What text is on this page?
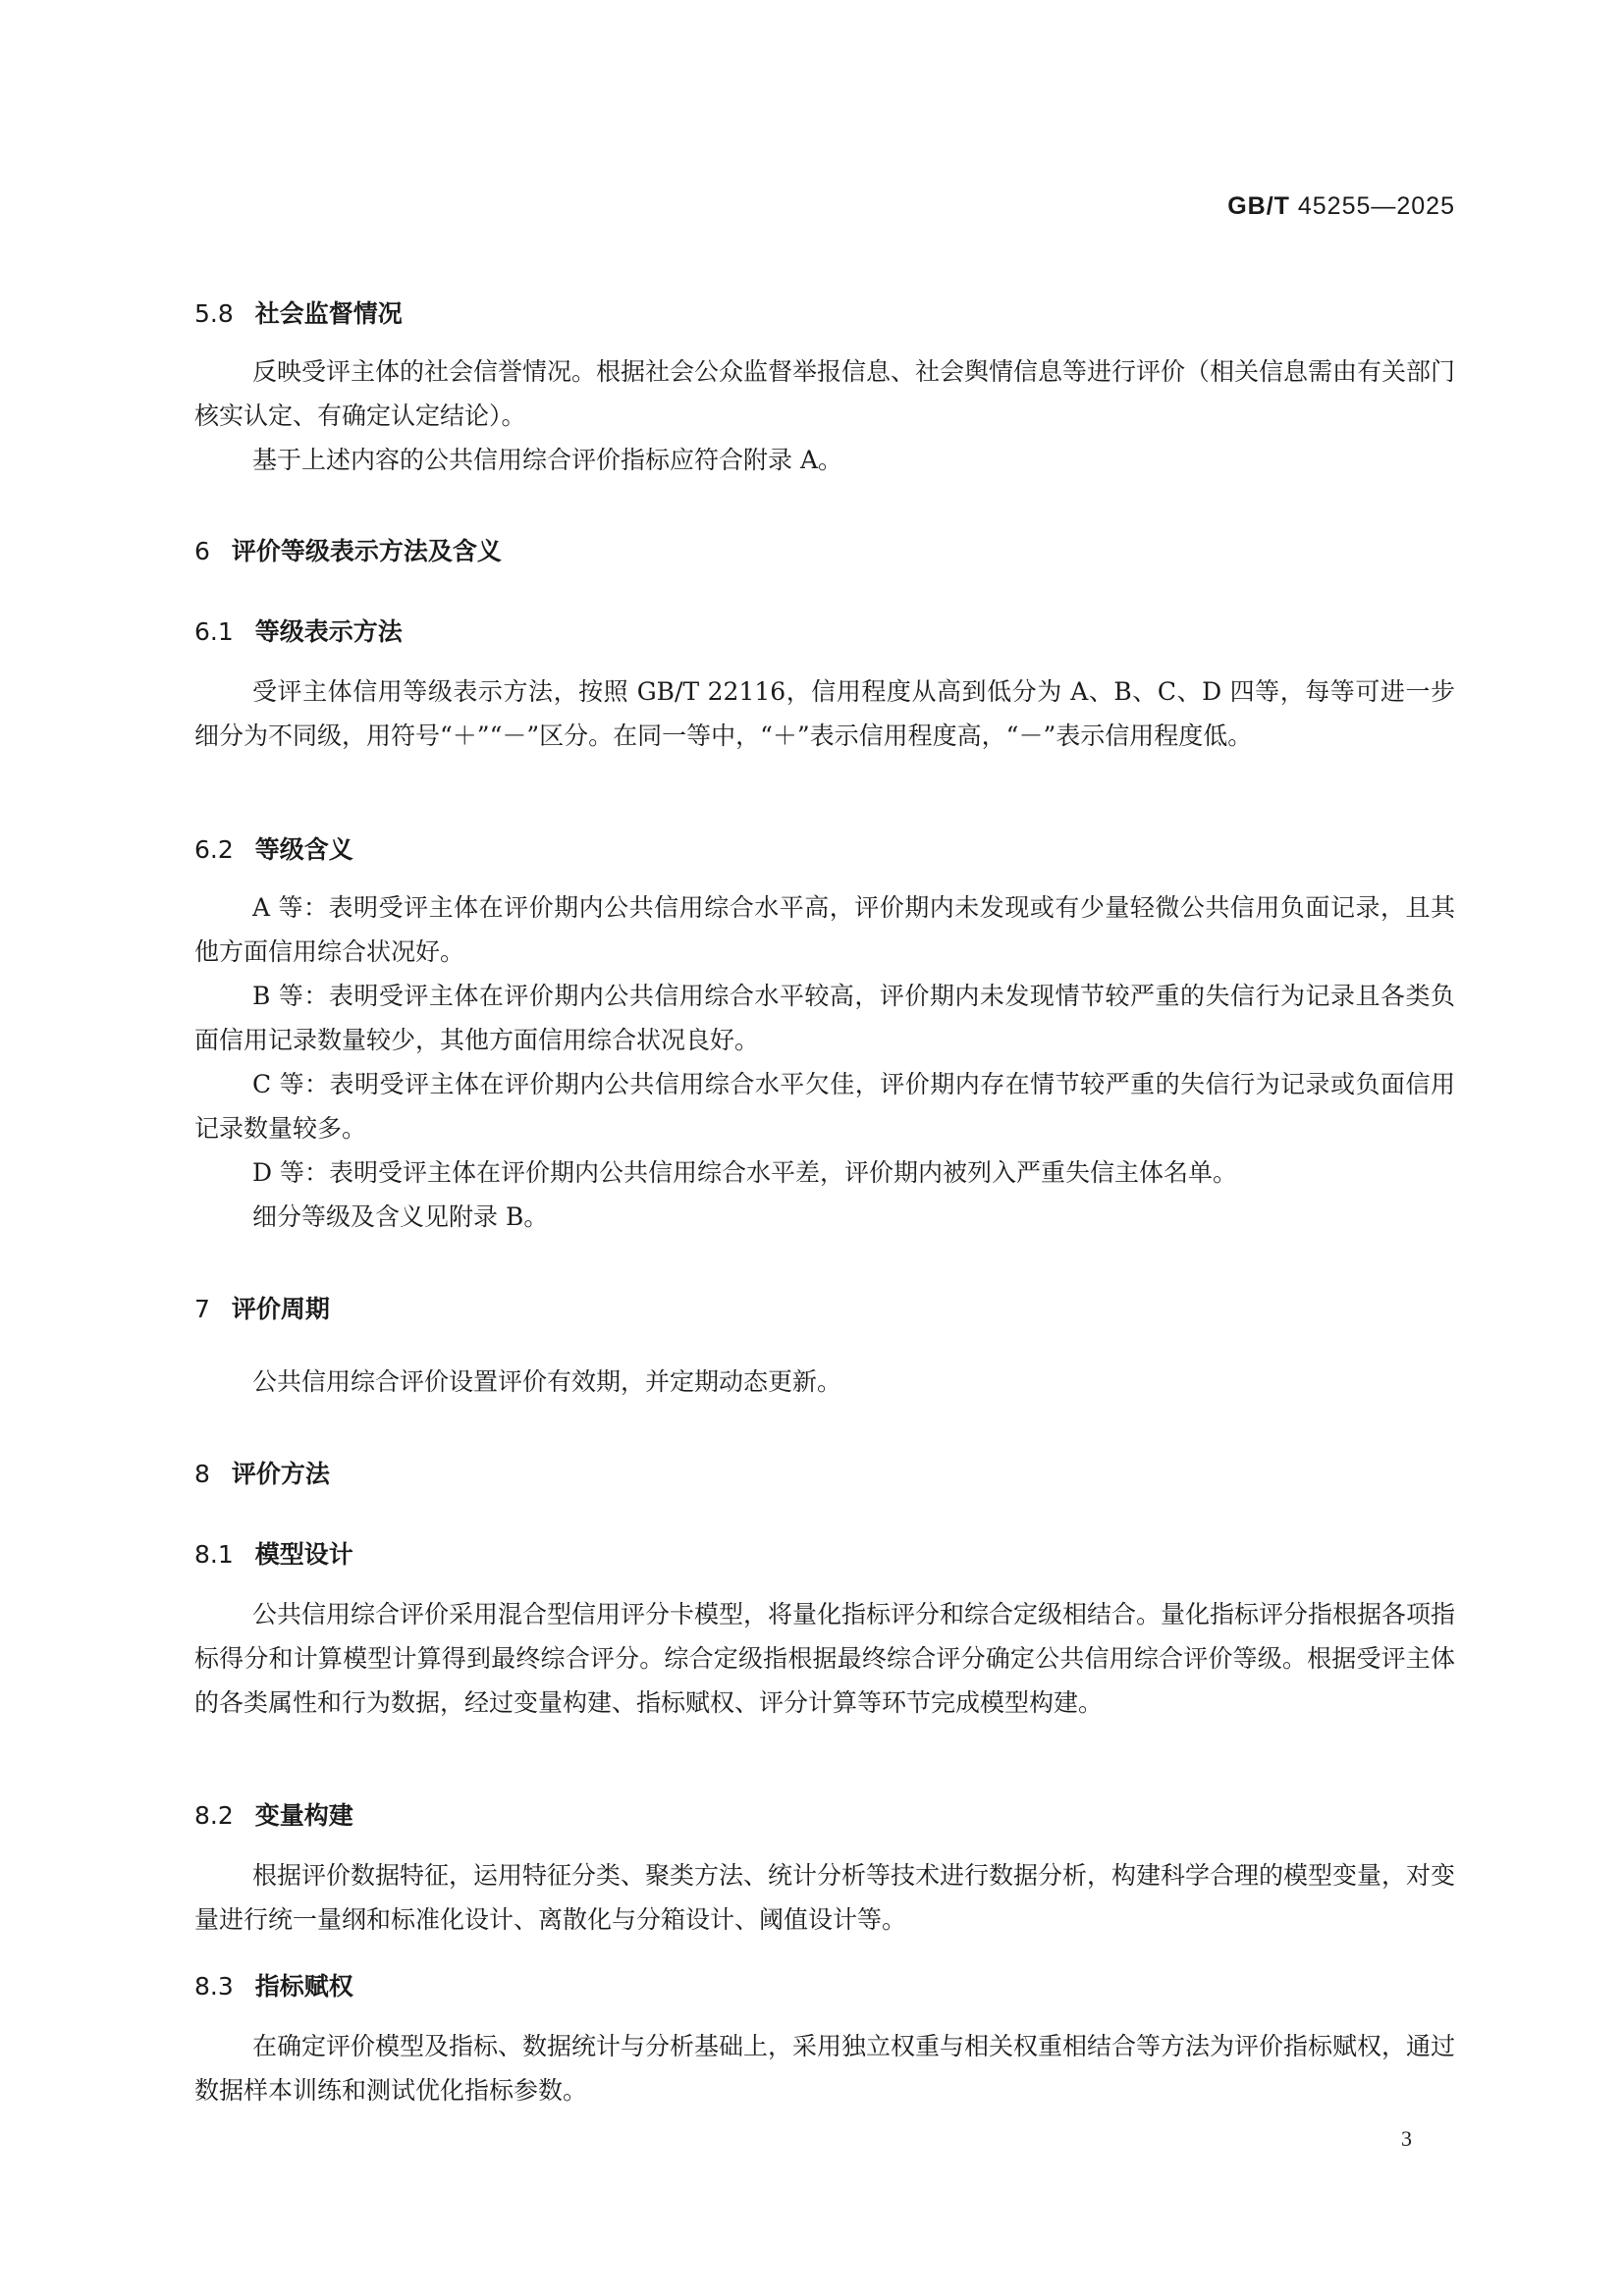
GB/T 45255—2025
5.8 社会监督情况
反映受评主体的社会信誉情况。根据社会公众监督举报信息、社会舆情信息等进行评价（相关信息需由有关部门核实认定、有确定认定结论）。
基于上述内容的公共信用综合评价指标应符合附录 A。
6 评价等级表示方法及含义
6.1 等级表示方法
受评主体信用等级表示方法，按照 GB/T 22116，信用程度从高到低分为 A、B、C、D 四等，每等可进一步细分为不同级，用符号“＋”“－”区分。在同一等中，“＋”表示信用程度高，“－”表示信用程度低。
6.2 等级含义
A 等：表明受评主体在评价期内公共信用综合水平高，评价期内未发现或有少量轻微公共信用负面记录，且其他方面信用综合状况好。
B 等：表明受评主体在评价期内公共信用综合水平较高，评价期内未发现情节较严重的失信行为记录且各类负面信用记录数量较少，其他方面信用综合状况良好。
C 等：表明受评主体在评价期内公共信用综合水平欠佳，评价期内存在情节较严重的失信行为记录或负面信用记录数量较多。
D 等：表明受评主体在评价期内公共信用综合水平差，评价期内被列入严重失信主体名单。
细分等级及含义见附录 B。
7 评价周期
公共信用综合评价设置评价有效期，并定期动态更新。
8 评价方法
8.1 模型设计
公共信用综合评价采用混合型信用评分卡模型，将量化指标评分和综合定级相结合。量化指标评分指根据各项指标得分和计算模型计算得到最终综合评分。综合定级指根据最终综合评分确定公共信用综合评价等级。根据受评主体的各类属性和行为数据，经过变量构建、指标赋权、评分计算等环节完成模型构建。
8.2 变量构建
根据评价数据特征，运用特征分类、聚类方法、统计分析等技术进行数据分析，构建科学合理的模型变量，对变量进行统一量纲和标准化设计、离散化与分箱设计、阈值设计等。
8.3 指标赋权
在确定评价模型及指标、数据统计与分析基础上，采用独立权重与相关权重相结合等方法为评价指标赋权，通过数据样本训练和测试优化指标参数。
3
